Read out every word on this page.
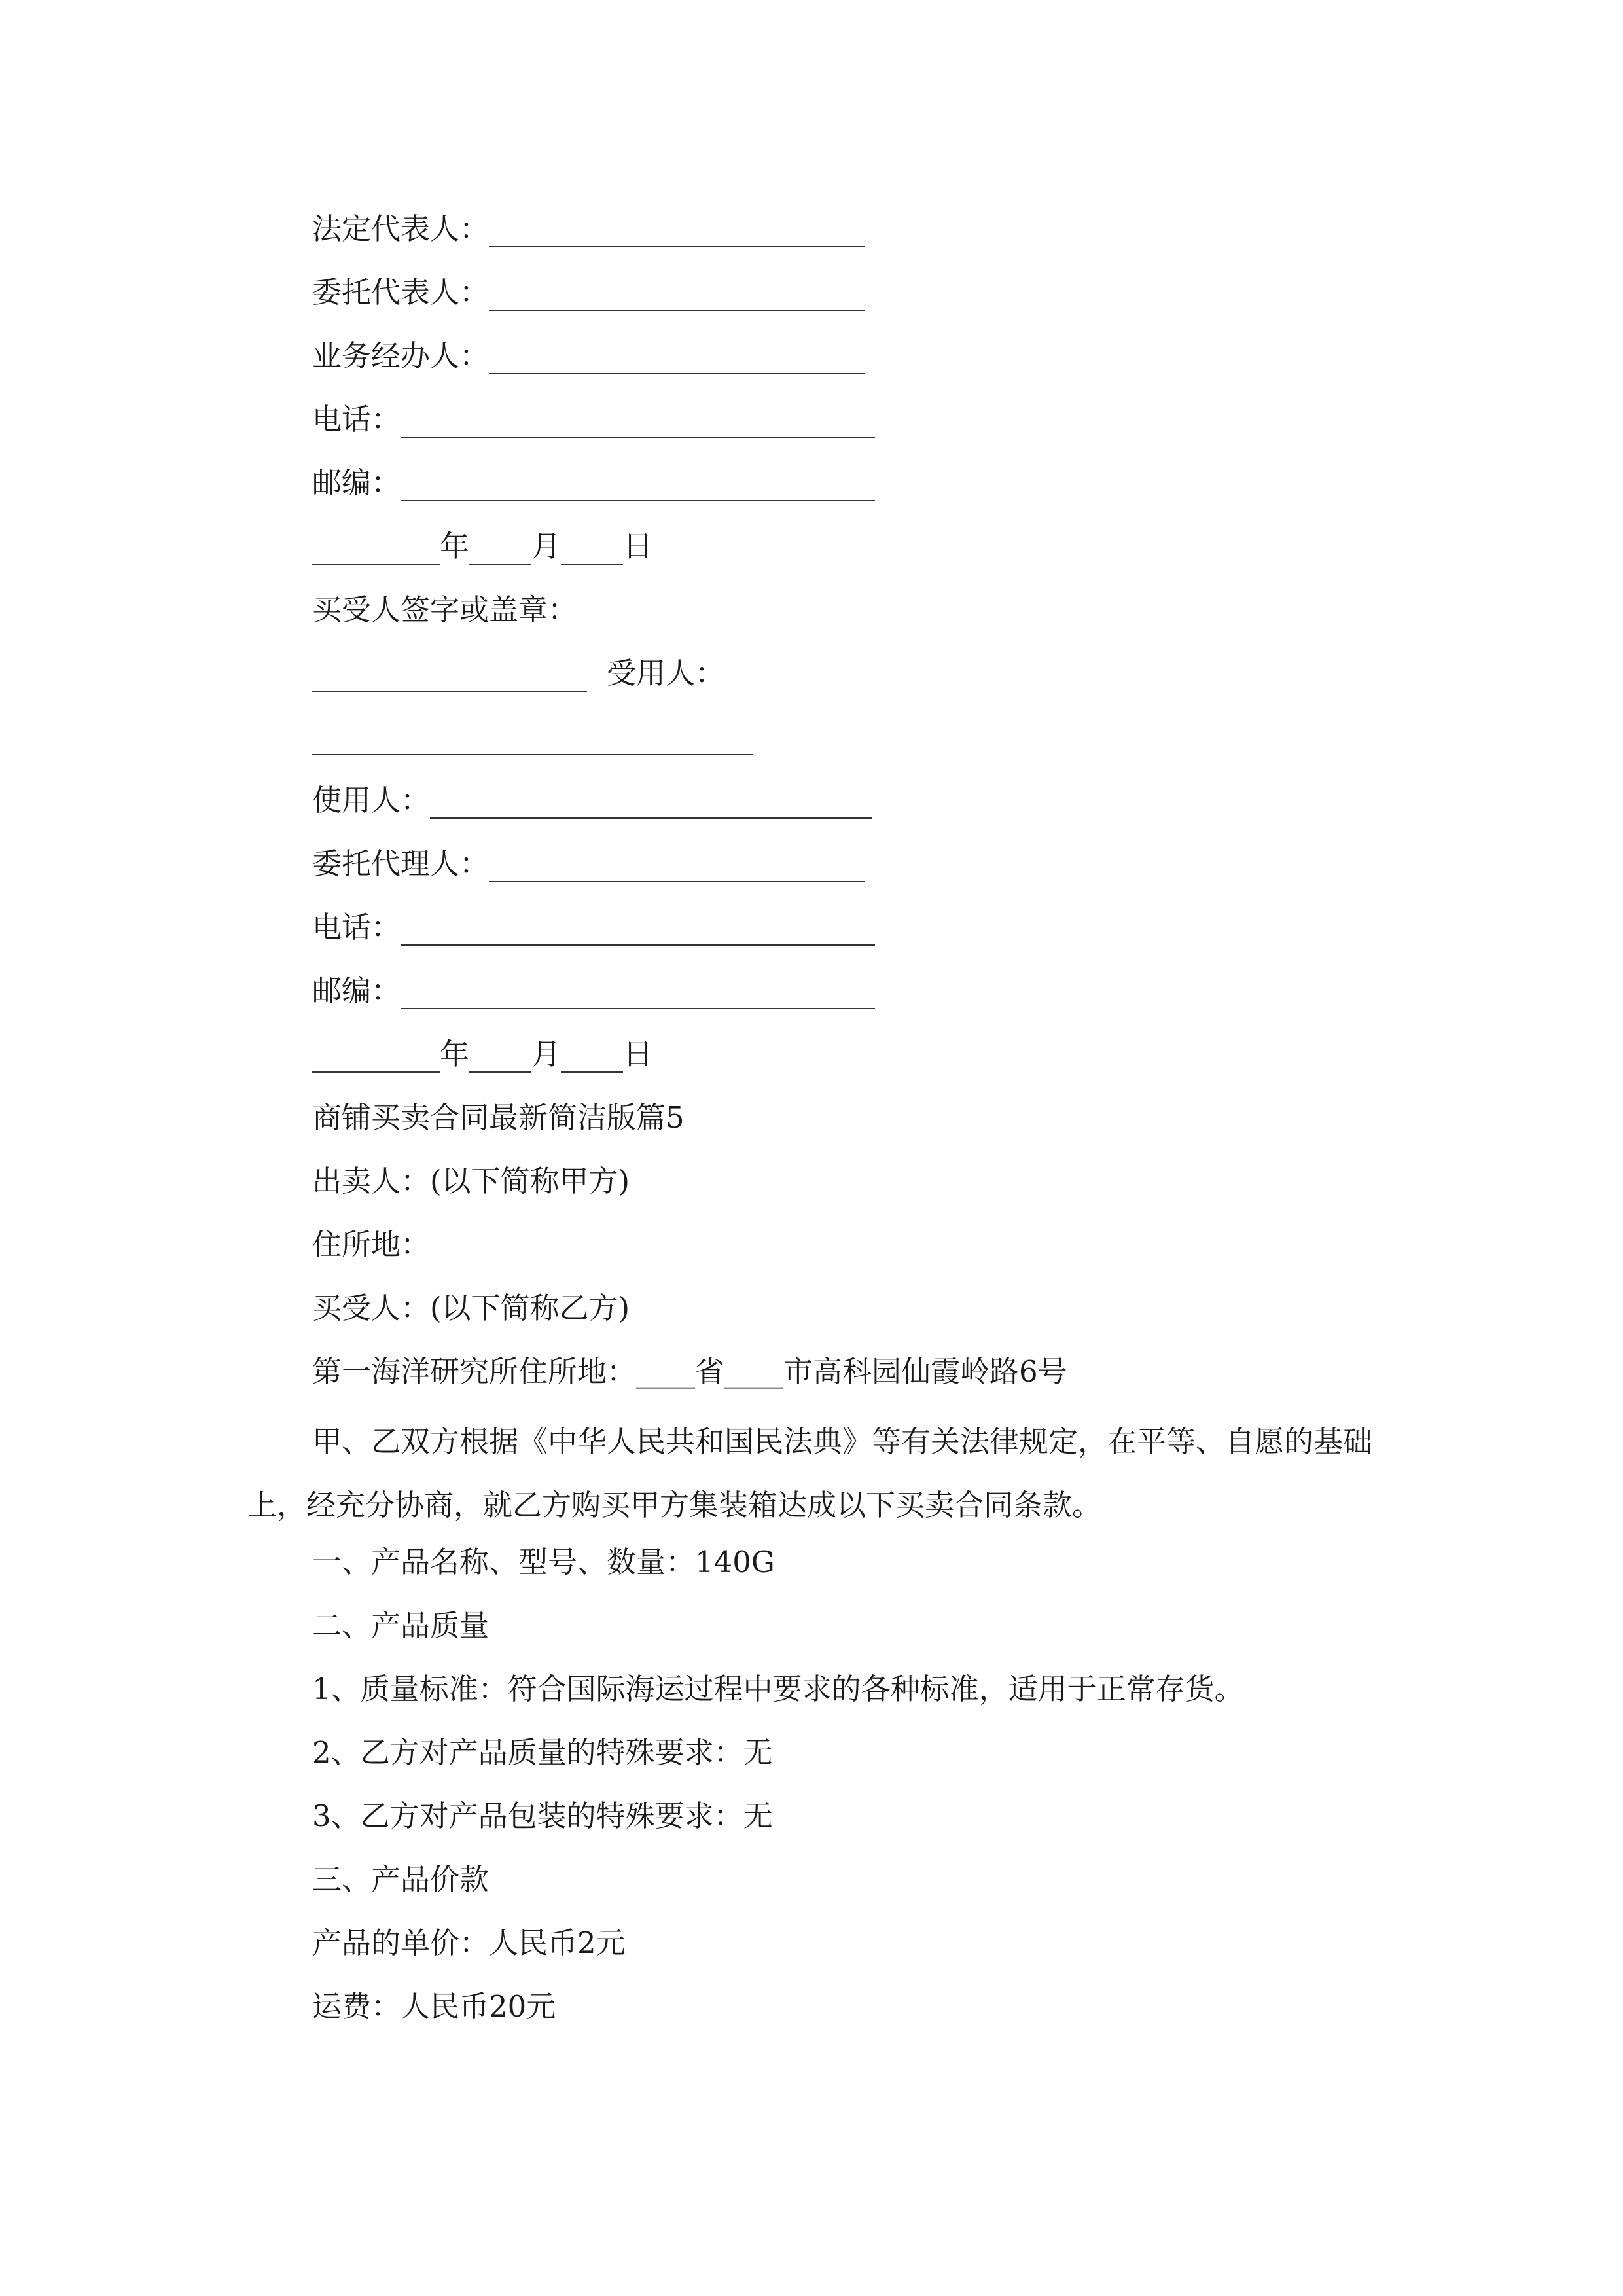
法定代表人：
委托代表人：
业务经办人：
电话：
邮编：
年 月 日
买受人签字或盖章：
受用人：
使用人：
委托代理人：
电话：
邮编：
年 月 日
商铺买卖合同最新简洁版篇5
出卖人：(以下简称甲方)
住所地：
买受人：(以下简称乙方)
第一海洋研究所住所地：____省____市高科园仙霞岭路6号
甲、乙双方根据《中华人民共和国民法典》等有关法律规定，在平等、自愿的基础上，经充分协商，就乙方购买甲方集装箱达成以下买卖合同条款。
一、产品名称、型号、数量：140G
二、产品质量
1、质量标准：符合国际海运过程中要求的各种标准，适用于正常存货。
2、乙方对产品质量的特殊要求：无
3、乙方对产品包装的特殊要求：无
三、产品价款
产品的单价：人民币2元
运费：人民币20元
